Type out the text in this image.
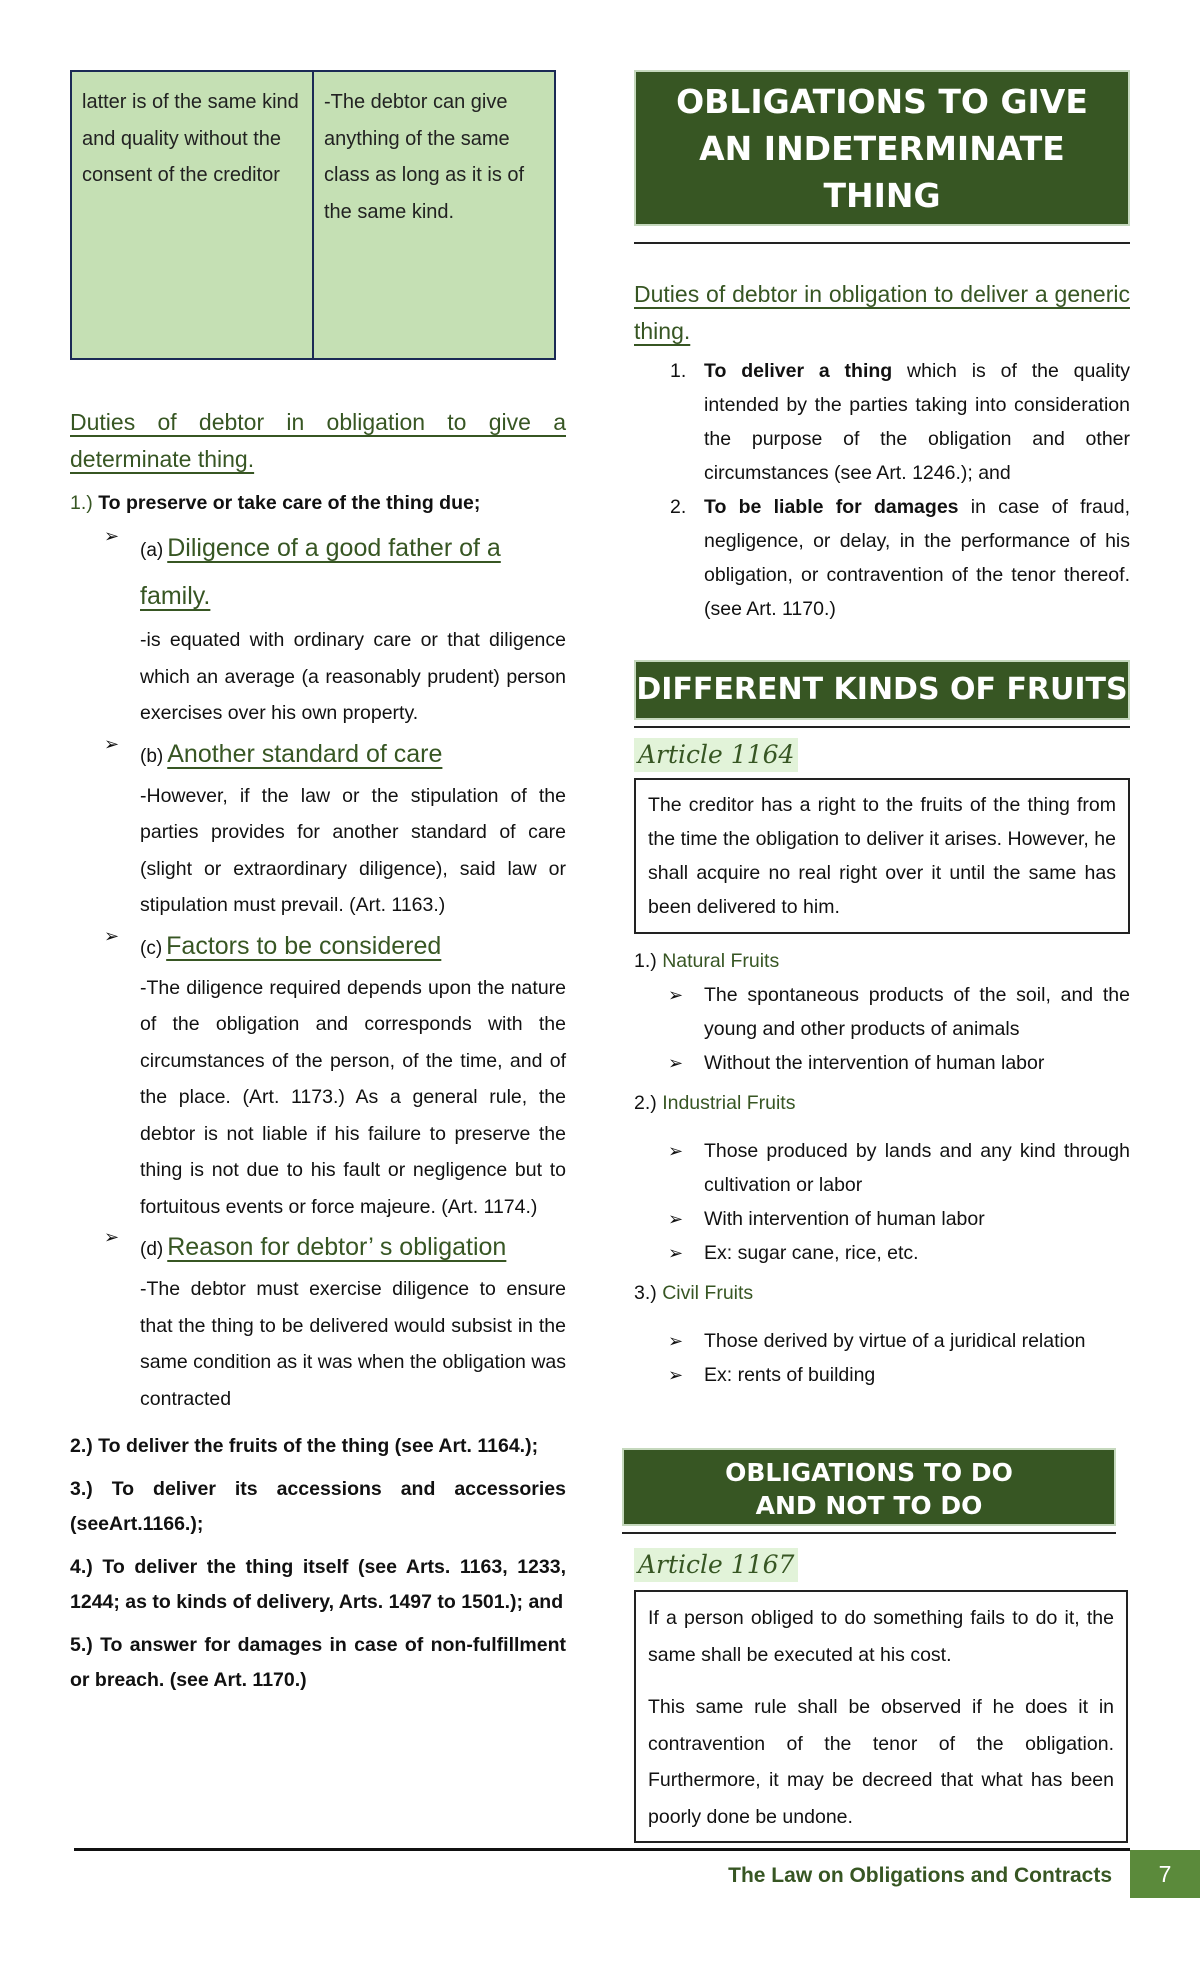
latter is of the same kind and quality without the consent of the creditor
-The debtor can give anything of the same class as long as it is of the same kind.
Duties of debtor in obligation to give a determinate thing.
1.) To preserve or take care of the thing due;
➢
(a) Diligence of a good father of a family.
-is equated with ordinary care or that diligence which an average (a reasonably prudent) person exercises over his own property.
➢
(b) Another standard of care
-However, if the law or the stipulation of the parties provides for another standard of care (slight or extraordinary diligence), said law or stipulation must prevail. (Art. 1163.)
➢
(c) Factors to be considered
-The diligence required depends upon the nature of the obligation and corresponds with the circumstances of the person, of the time, and of the place. (Art. 1173.) As a general rule, the debtor is not liable if his failure to preserve the thing is not due to his fault or negligence but to fortuitous events or force majeure. (Art. 1174.)
➢
(d) Reason for debtor’ s obligation
-The debtor must exercise diligence to ensure that the thing to be delivered would subsist in the same condition as it was when the obligation was contracted
2.) To deliver the fruits of the thing (see Art. 1164.);
3.) To deliver its accessions and accessories (seeArt.1166.);
4.) To deliver the thing itself (see Arts. 1163, 1233, 1244; as to kinds of delivery, Arts. 1497 to 1501.); and
5.) To answer for damages in case of non-fulfillment or breach. (see Art. 1170.)
OBLIGATIONS TO GIVE AN INDETERMINATE THING
Duties of debtor in obligation to deliver a generic thing.
1. To deliver a thing which is of the quality intended by the parties taking into consideration the purpose of the obligation and other circumstances (see Art. 1246.); and
2. To be liable for damages in case of fraud, negligence, or delay, in the performance of his obligation, or contravention of the tenor thereof. (see Art. 1170.)
DIFFERENT KINDS OF FRUITS
Article 1164
The creditor has a right to the fruits of the thing from the time the obligation to deliver it arises. However, he shall acquire no real right over it until the same has been delivered to him.
1.) Natural Fruits
➢ The spontaneous products of the soil, and the young and other products of animals
➢ Without the intervention of human labor
2.) Industrial Fruits
➢ Those produced by lands and any kind through cultivation or labor
➢ With intervention of human labor
➢ Ex: sugar cane, rice, etc.
3.) Civil Fruits
➢ Those derived by virtue of a juridical relation
➢ Ex: rents of building
OBLIGATIONS TO DO
AND NOT TO DO
Article 1167
If a person obliged to do something fails to do it, the same shall be executed at his cost.
This same rule shall be observed if he does it in contravention of the tenor of the obligation. Furthermore, it may be decreed that what has been poorly done be undone.
The Law on Obligations and Contracts	7
